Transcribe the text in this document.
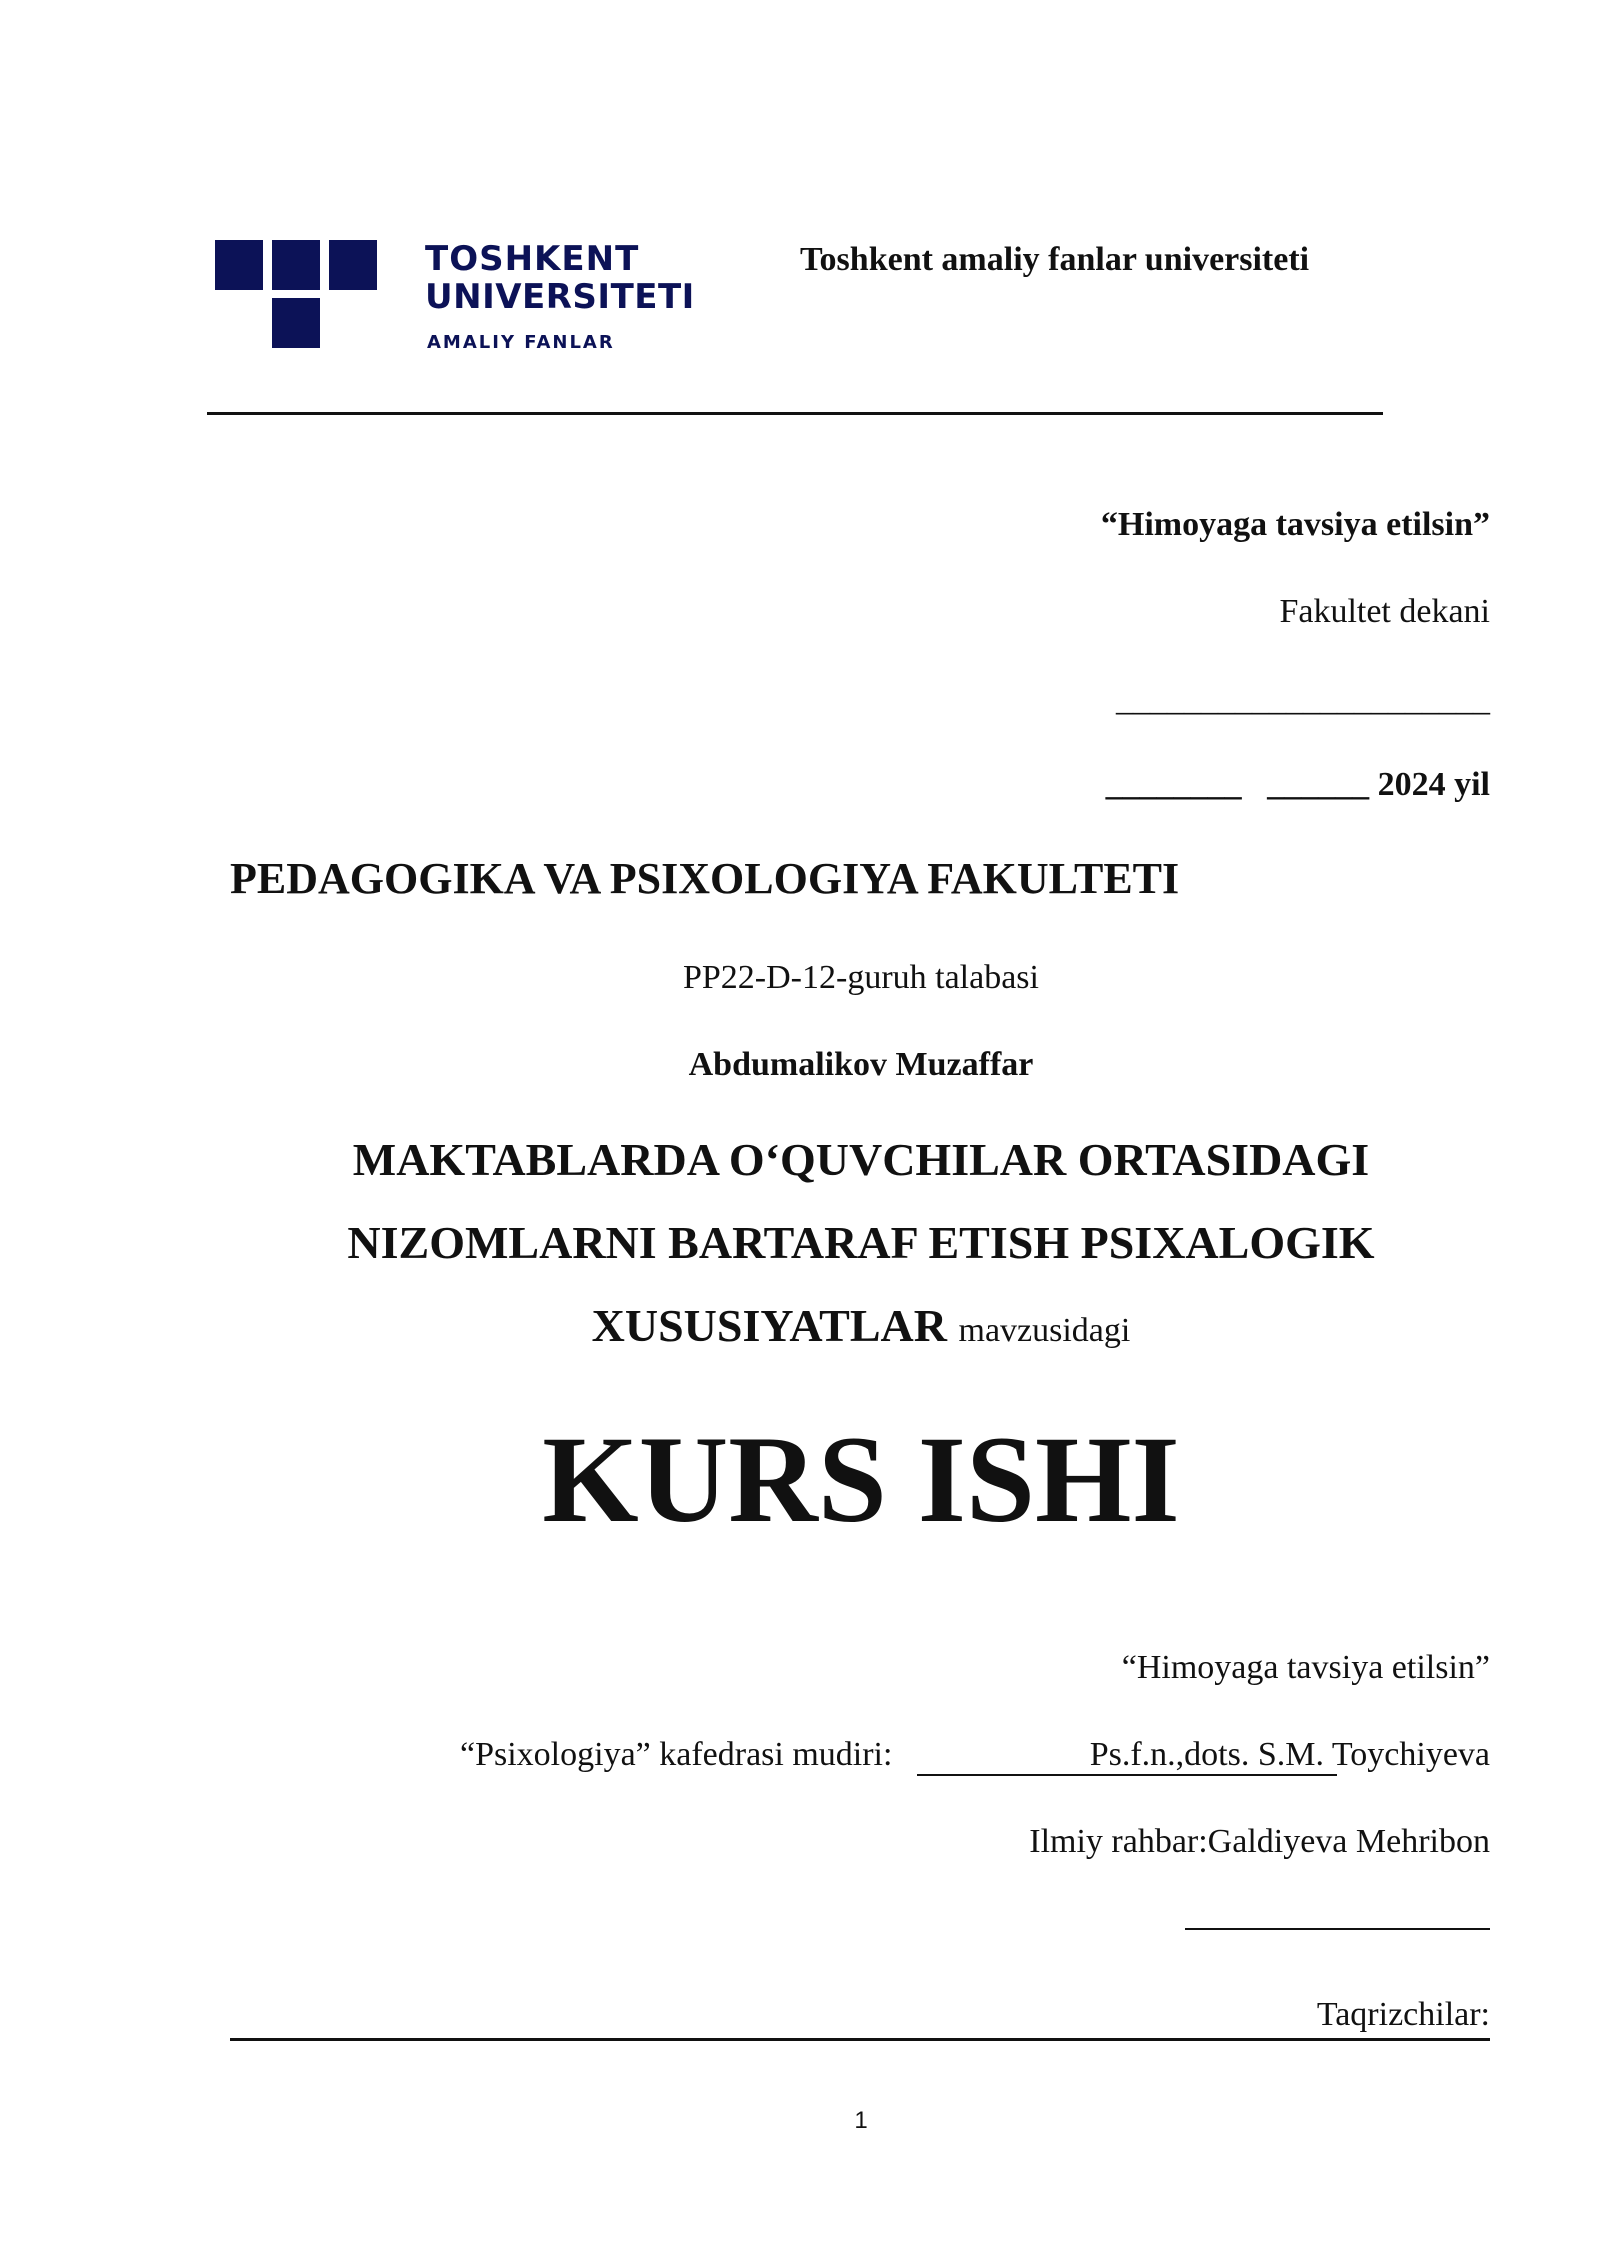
TOSHKENT
UNIVERSITETI
AMALIY FANLAR
Toshkent amaliy fanlar universiteti
“Himoyaga tavsiya etilsin”
Fakultet dekani
______________________
________ ______ 2024 yil
PEDAGOGIKA VA PSIXOLOGIYA FAKULTETI
PP22-D-12-guruh talabasi
Abdumalikov Muzaffar
MAKTABLARDA O‘QUVCHILAR ORTASIDAGI
NIZOMLARNI BARTARAF ETISH PSIXALOGIK
XUSUSIYATLAR mavzusidagi
KURS ISHI
“Himoyaga tavsiya etilsin”
“Psixologiya” kafedrasi mudiri:	Ps.f.n.,dots. S.M. Toychiyeva
Ilmiy rahbar:Galdiyeva Mehribon
Taqrizchilar:
1
